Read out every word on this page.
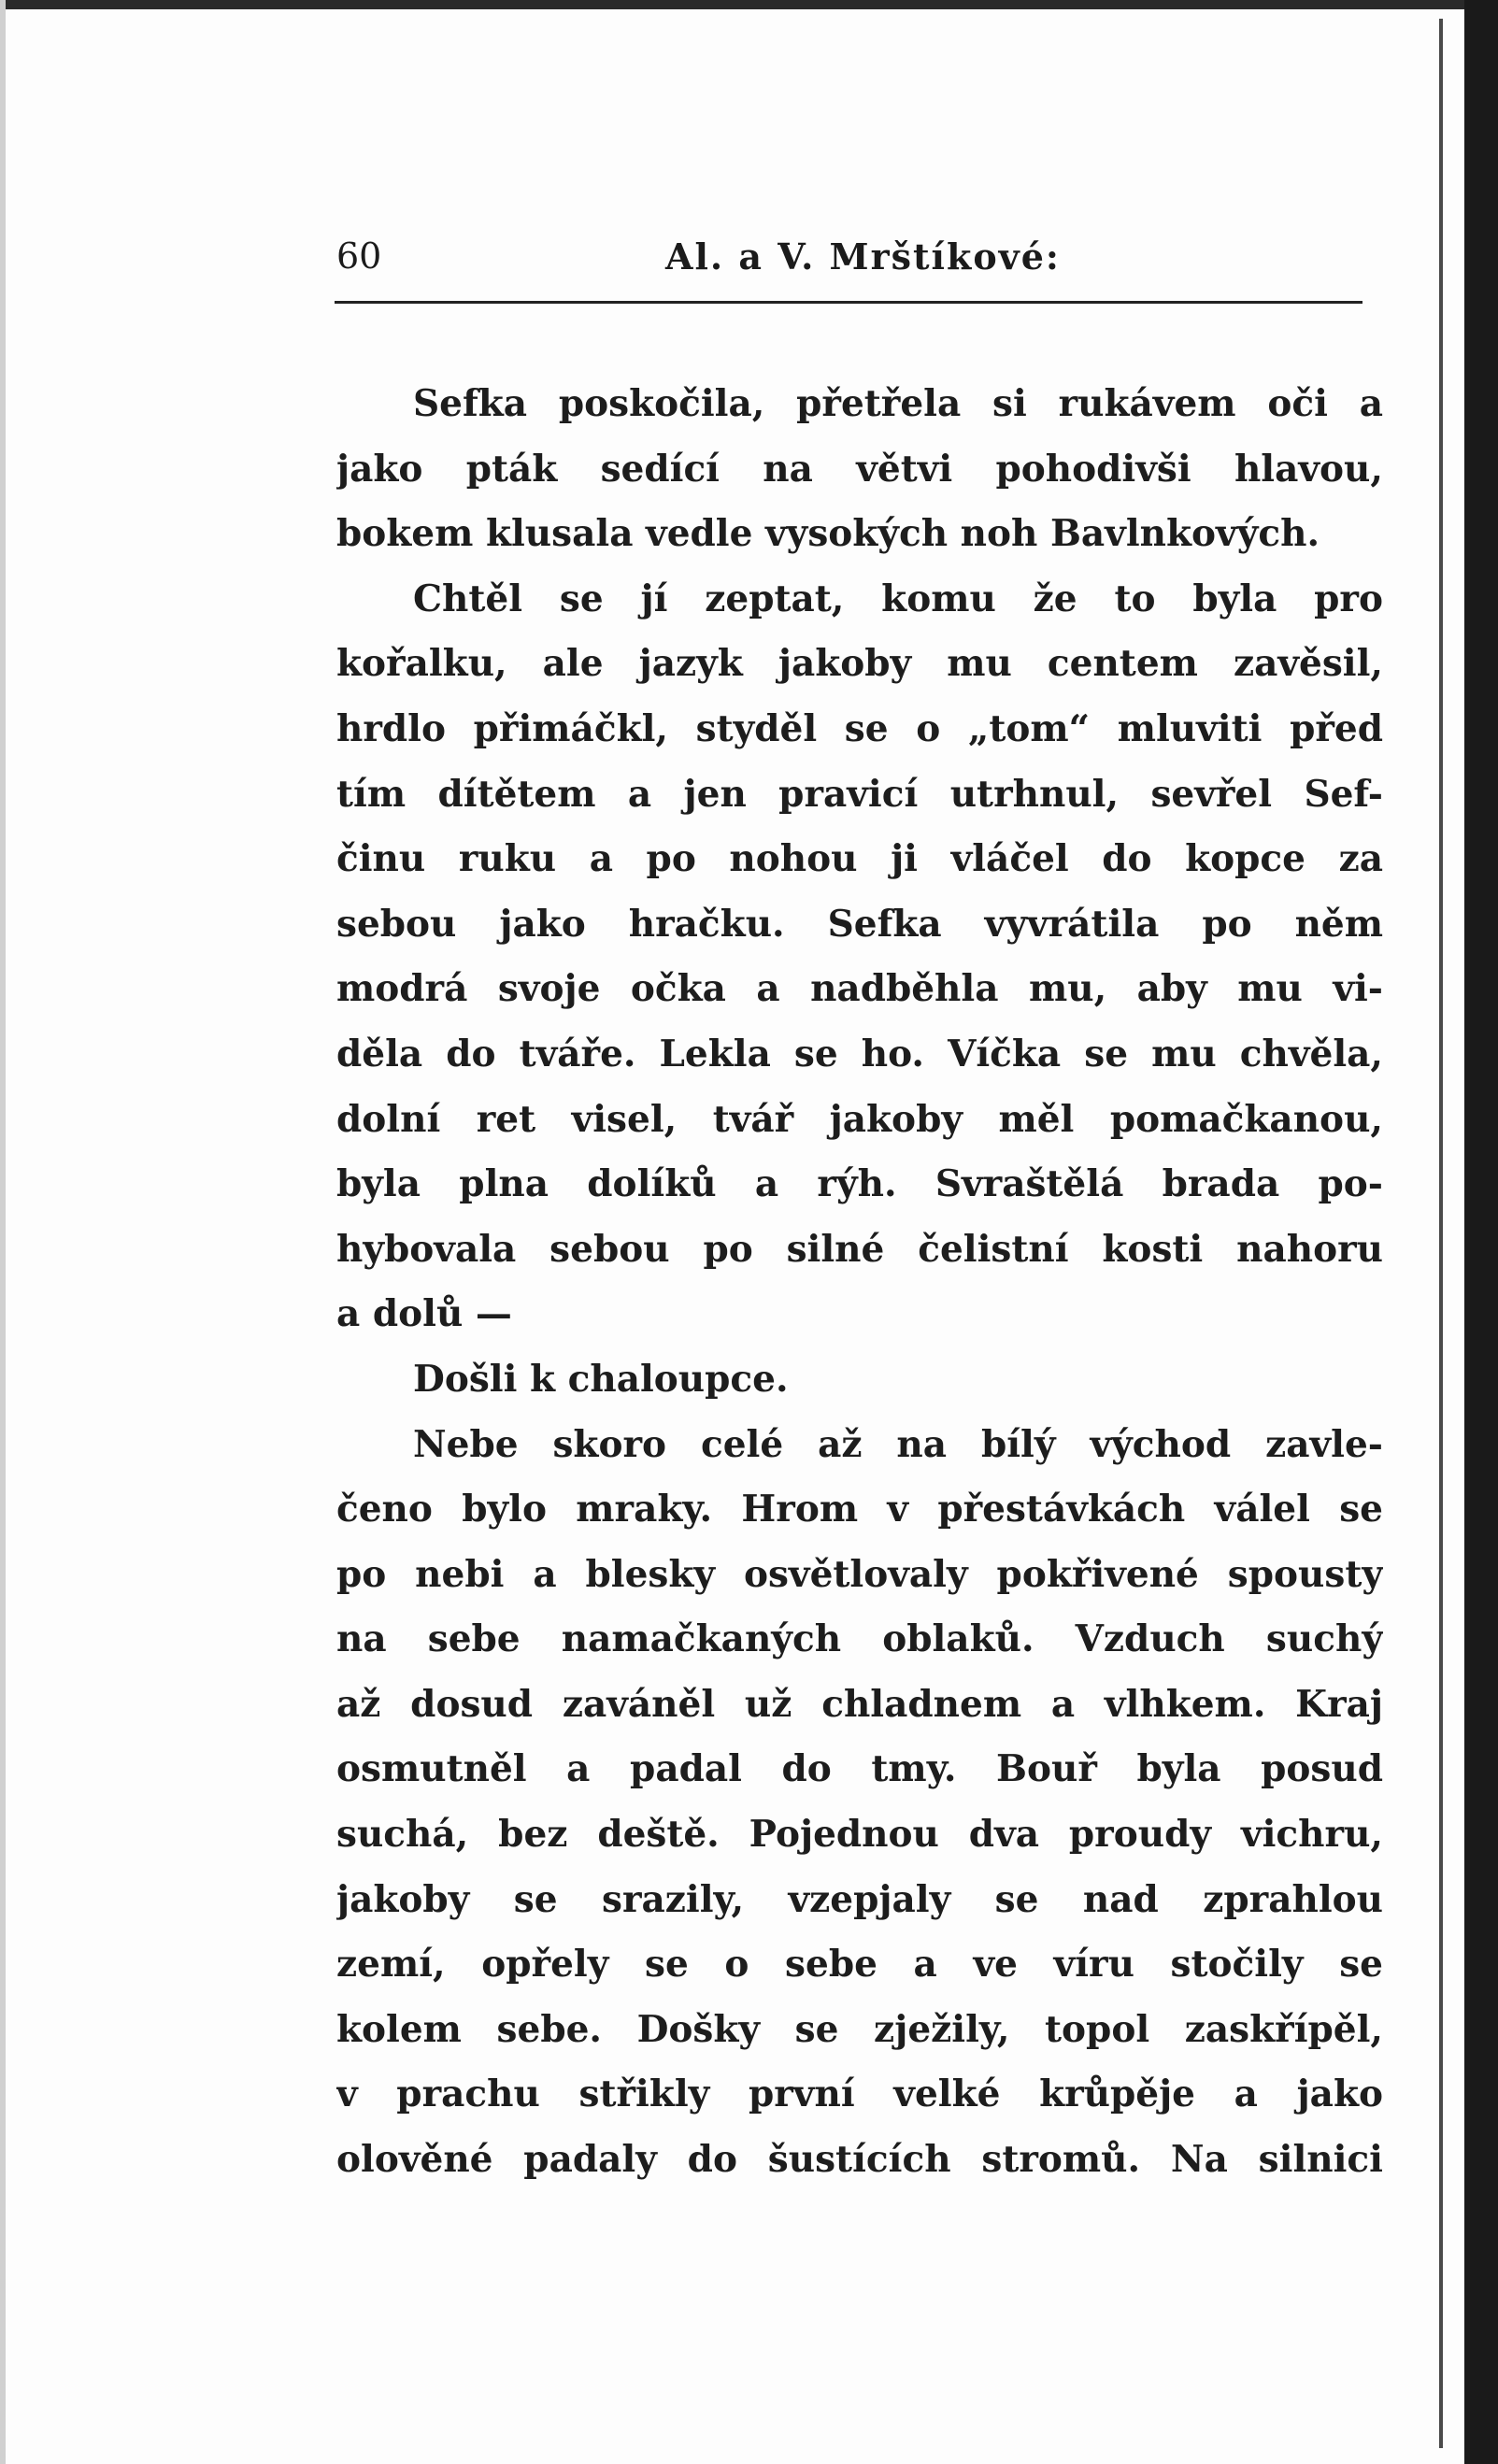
60	Al. a V. Mrštíkové:
Sefka poskočila, přetřela si rukávem oči a
jako pták sedící na větvi pohodivši hlavou,
bokem klusala vedle vysokých noh Bavlnkových.
Chtěl se jí zeptat, komu že to byla pro
kořalku, ale jazyk jakoby mu centem zavěsil,
hrdlo přimáčkl, styděl se o „tom“ mluviti před
tím dítětem a jen pravicí utrhnul, sevřel Sef-
činu ruku a po nohou ji vláčel do kopce za
sebou jako hračku. Sefka vyvrátila po něm
modrá svoje očka a nadběhla mu, aby mu vi-
děla do tváře. Lekla se ho. Víčka se mu chvěla,
dolní ret visel, tvář jakoby měl pomačkanou,
byla plna dolíků a rýh. Svraštělá brada po-
hybovala sebou po silné čelistní kosti nahoru
a dolů —
Došli k chaloupce.
Nebe skoro celé až na bílý východ zavle-
čeno bylo mraky. Hrom v přestávkách válel se
po nebi a blesky osvětlovaly pokřivené spousty
na sebe namačkaných oblaků. Vzduch suchý
až dosud zaváněl už chladnem a vlhkem. Kraj
osmutněl a padal do tmy. Bouř byla posud
suchá, bez deště. Pojednou dva proudy vichru,
jakoby se srazily, vzepjaly se nad zprahlou
zemí, opřely se o sebe a ve víru stočily se
kolem sebe. Došky se zježily, topol zaskřípěl,
v prachu střikly první velké krůpěje a jako
olověné padaly do šustících stromů. Na silnici
